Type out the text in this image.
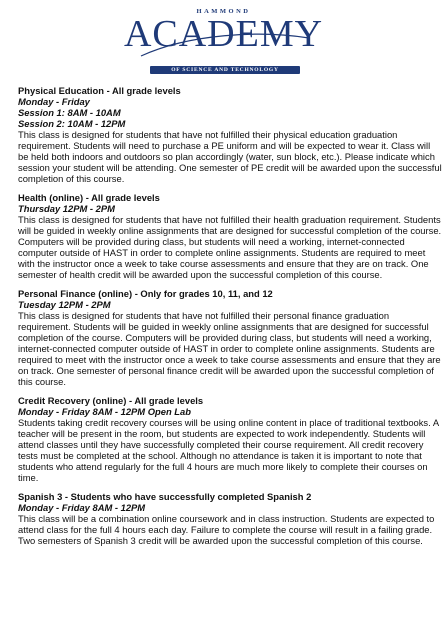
HAMMOND
ACADEMY
OF SCIENCE AND TECHNOLOGY
Physical Education - All grade levels
Monday - Friday
Session 1: 8AM - 10AM
Session 2: 10AM - 12PM
This class is designed for students that have not fulfilled their physical education graduation requirement. Students will need to purchase a PE uniform and will be expected to wear it. Class will be held both indoors and outdoors so plan accordingly (water, sun block, etc.). Please indicate which session your student will be attending. One semester of PE credit will be awarded upon the successful completion of this course.
Health (online) - All grade levels
Thursday 12PM - 2PM
This class is designed for students that have not fulfilled their health graduation requirement. Students will be guided in weekly online assignments that are designed for successful completion of the course. Computers will be provided during class, but students will need a working, internet-connected computer outside of HAST in order to complete online assignments. Students are required to meet with the instructor once a week to take course assessments and ensure that they are on track. One semester of health credit will be awarded upon the successful completion of this course.
Personal Finance (online) - Only for grades 10, 11, and 12
Tuesday 12PM - 2PM
This class is designed for students that have not fulfilled their personal finance graduation requirement. Students will be guided in weekly online assignments that are designed for successful completion of the course. Computers will be provided during class, but students will need a working, internet-connected computer outside of HAST in order to complete online assignments. Students are required to meet with the instructor once a week to take course assessments and ensure that they are on track. One semester of personal finance credit will be awarded upon the successful completion of this course.
Credit Recovery (online) - All grade levels
Monday - Friday 8AM - 12PM Open Lab
Students taking credit recovery courses will be using online content in place of traditional textbooks. A teacher will be present in the room, but students are expected to work independently. Students will attend classes until they have successfully completed their course requirement. All credit recovery tests must be completed at the school. Although no attendance is taken it is important to note that students who attend regularly for the full 4 hours are much more likely to complete their courses on time.
Spanish 3 - Students who have successfully completed Spanish 2
Monday - Friday 8AM - 12PM
This class will be a combination online coursework and in class instruction. Students are expected to attend class for the full 4 hours each day. Failure to complete the course will result in a failing grade. Two semesters of Spanish 3 credit will be awarded upon the successful completion of this course.
